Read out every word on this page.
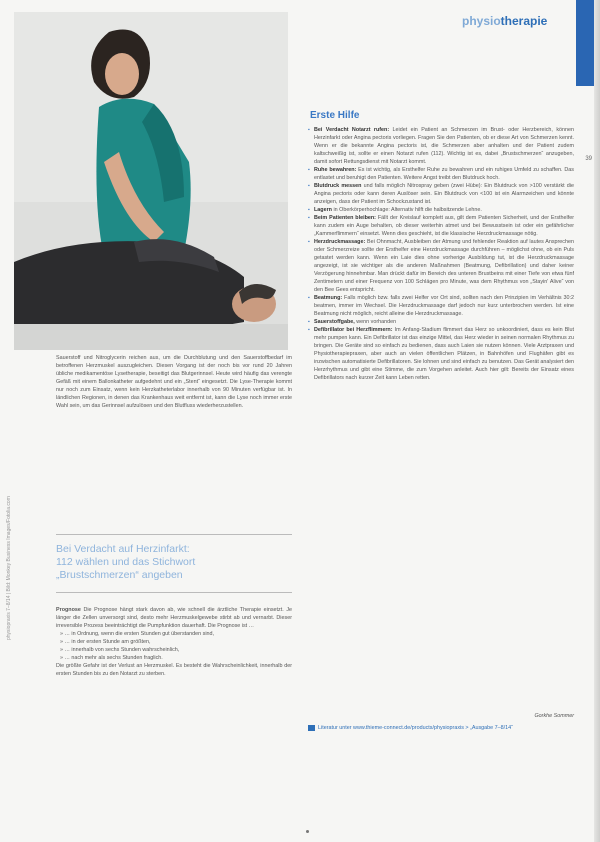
physiotherapie
39
Erste Hilfe

▪ Bei Verdacht Notarzt rufen: Leidet ein Patient an Schmerzen im Brust- oder Herzbereich, können Herzinfarkt oder Angina pectoris vorliegen. Fragen Sie den Patienten, ob er diese Art von Schmerzen kennt. Wenn er die bekannte Angina pectoris ist, die Schmerzen aber anhalten und der Patient zudem kaltschweißig ist, sollte er einen Notarzt rufen (112). Wichtig ist es, dabei „Brustschmerzen“ anzugeben, damit sofort Rettungsdienst mit Notarzt kommt.

▪ Ruhe bewahren: Es ist wichtig, als Ersthelfer Ruhe zu bewahren und ein ruhiges Umfeld zu schaffen. Das entlastet und beruhigt den Patienten. Weitere Angst treibt den Blutdruck hoch.

▪ Blutdruck messen und falls möglich Nitrospray geben (zwei Hübe): Ein Blutdruck von >100 verstärkt die Angina pectoris oder kann deren Auslöser sein. Ein Blutdruck von <100 ist ein Alarmzeichen und könnte anzeigen, dass der Patient im Schockzustand ist.

▪ Lagern in Oberkörperhochlage: Alternativ hilft die halbsitzende Lehne.

▪ Beim Patienten bleiben: Fällt der Kreislauf komplett aus, gilt dem Patienten Sicherheit, und der Ersthelfer kann zudem ein Auge behalten, ob dieser weiterhin atmet und bei Bewusstsein ist oder ein gefährlicher „Kammerflimmern“ einsetzt. Wenn dies geschieht, ist die klassische Herzdruckmassage nötig.

▪ Herzdruckmassage: Bei Ohnmacht, Ausbleiben der Atmung und fehlender Reaktion auf lautes Ansprechen oder Schmerzreize sollte der Ersthelfer eine Herzdruckmassage durchführen – möglichst ohne, ob ein Puls getastet werden kann. Wenn ein Laie dies ohne vorherige Ausbildung tut, ist die Herzdruckmassage angezeigt, ist sie wichtiger als die anderen Maßnahmen (Beatmung, Defibrillation) und daher keiner Verzögerung hinnehmbar. Man drückt dafür im Bereich des unteren Brustbeins mit einer Tiefe von etwa fünf Zentimetern und einer Frequenz von 100 Schlägen pro Minute, was dem Rhythmus von „Stayin' Alive“ von den Bee Gees entspricht.

▪ Beatmung: Falls möglich bzw. falls zwei Helfer vor Ort sind, sollten nach den Prinzipien im Verhältnis 30:2 beatmen, immer im Wechsel. Die Herzdruckmassage darf jedoch nur kurz unterbrochen werden. Ist eine Beatmung nicht möglich, reicht alleine die Herzdruckmassage.

▪ Sauerstoffgabe, wenn vorhanden

▪ Defibrillator bei Herzflimmern: Im Anfang-Stadium flimmert das Herz so unkoordiniert, dass es kein Blut mehr pumpen kann. Ein Defibrillator ist das einzige Mittel, das Herz wieder in seinen normalen Rhythmus zu bringen. Die Geräte sind so einfach zu bedienen, dass auch Laien sie nutzen können. Viele Arztpraxen und Physiotherapiepraxen, aber auch an vielen öffentlichen Plätzen, in Bahnhöfen und Flughäfen gibt es inzwischen automatisierte Defibrillatoren. Sie lohnen und sind einfach zu benutzen. Das Gerät analysiert den Herzrhythmus und gibt eine Stimme, die zum Vorgehen anleitet. Auch hier gilt: Bereits der Einsatz eines Defibrillators nach kurzer Zeit kann Leben retten.

Gorkhe Sommer

Literatur unter www.thieme-connect.de/products/physiopraxis > „Ausgabe 7–8/14“

Sauerstoff und Nitroglycerin reichen aus, um die Durchblutung und den Sauerstoffbedarf im betroffenen Herzmuskel auszugleichen. Diesen Vorgang ist der noch bis vor rund 20 Jahren übliche medikamentöse Lysetherapie, beseitigt das Blutgerinnsel. Heute wird häufig das verengte Gefäß mit einem Ballonkatheter aufgedehnt und ein „Stent“ eingesetzt. Die Lyse-Therapie kommt nur noch zum Einsatz, wenn kein Herzkatheterlabor innerhalb von 90 Minuten verfügbar ist. In ländlichen Regionen, in denen das Krankenhaus weit entfernt ist, kann die Lyse noch immer erste Wahl sein, um das Gerinnsel aufzulösen und den Blutfluss wiederherzustellen.

Bei Verdacht auf Herzinfarkt:
112 wählen und das Stichwort
„Brustschmerzen“ angeben

Prognose Die Prognose hängt stark davon ab, wie schnell die ärztliche Therapie einsetzt. Je länger die Zellen unversorgt sind, desto mehr Herzmuskelgewebe stirbt ab und vernarbt. Dieser irreversible Prozess beeinträchtigt die Pumpfunktion dauerhaft. Die Prognose ist …

» … in Ordnung, wenn die ersten Stunden gut überstanden sind,

» … in der ersten Stunde am größten,

» … innerhalb von sechs Stunden wahrscheinlich,

» … nach mehr als sechs Stunden fraglich.

Die größte Gefahr ist der Verlust an Herzmuskel. Es besteht die Wahrscheinlichkeit, innerhalb der ersten Stunden bis zu den Notarzt zu sterben.

physiopraxis 7–8/14 | Bild: Monkey Business Images/Fotolia.com
